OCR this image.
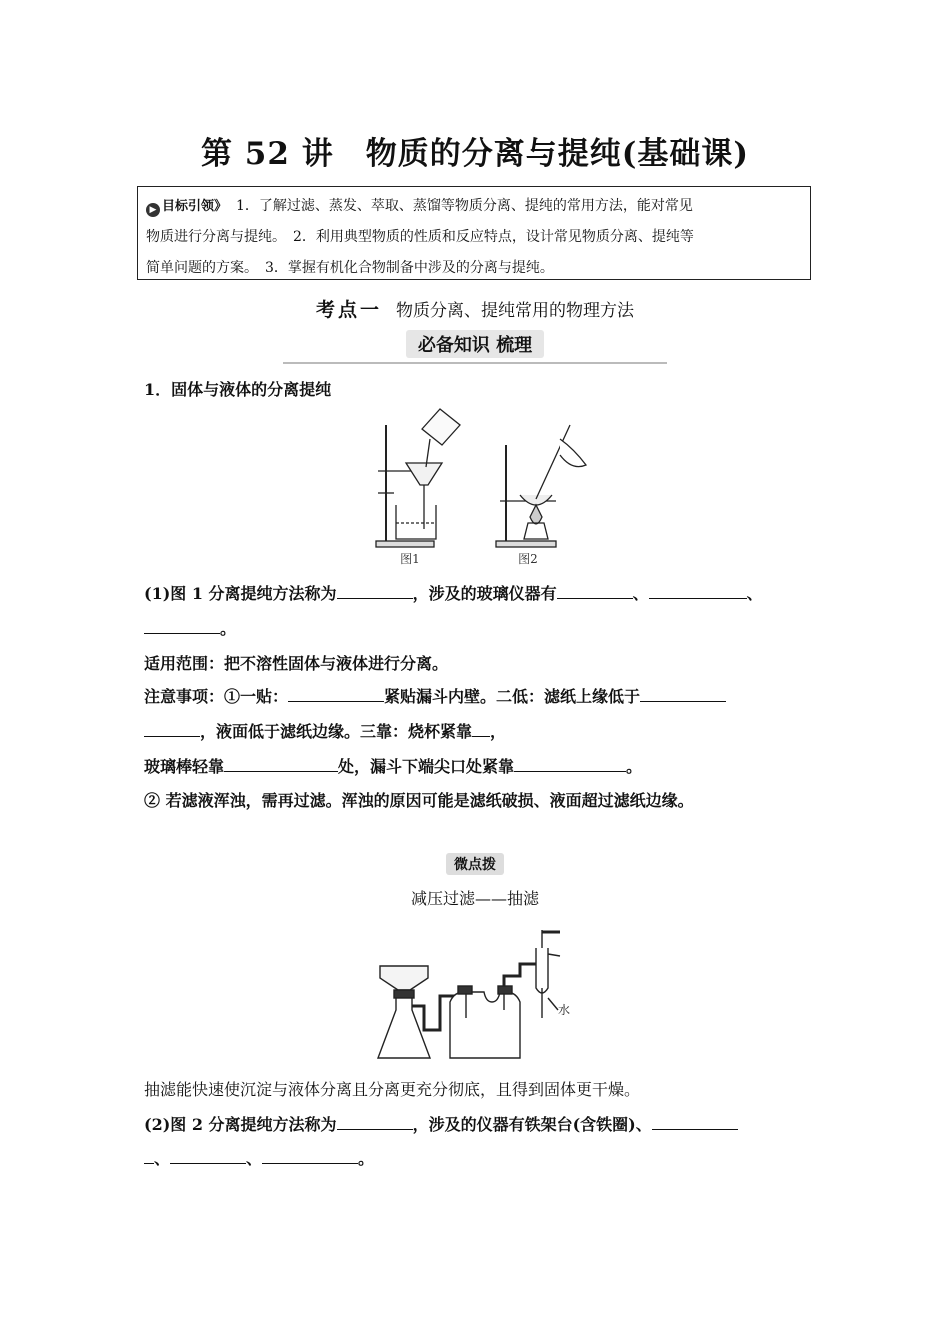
第 52 讲　物质的分离与提纯(基础课)
▶ 目标引领》 1．了解过滤、蒸发、萃取、蒸馏等物质分离、提纯的常用方法，能对常见
物质进行分离与提纯。　2．利用典型物质的性质和反应特点，设计常见物质分离、提纯等
简单问题的方案。　3．掌握有机化合物制备中涉及的分离与提纯。
考点一 物质分离、提纯常用的物理方法
必备知识 梳理
1．固体与液体的分离提纯
图1	图2
(1)图 1 分离提纯方法称为	，涉及的玻璃仪器有	、	、
。
适用范围：把不溶性固体与液体进行分离。
注意事项：①一贴：	紧贴漏斗内壁。二低：滤纸上缘低于
，液面低于滤纸边缘。三靠：烧杯紧靠 ，
玻璃棒轻靠	处，漏斗下端尖口处紧靠	。
② 若滤液浑浊，需再过滤。浑浊的原因可能是滤纸破损、液面超过滤纸边缘。
微点拨
减压过滤——抽滤
水
抽滤能快速使沉淀与液体分离且分离更充分彻底，且得到固体更干燥。
(2)图 2 分离提纯方法称为	，涉及的仪器有铁架台(含铁圈)、
、	、	。
